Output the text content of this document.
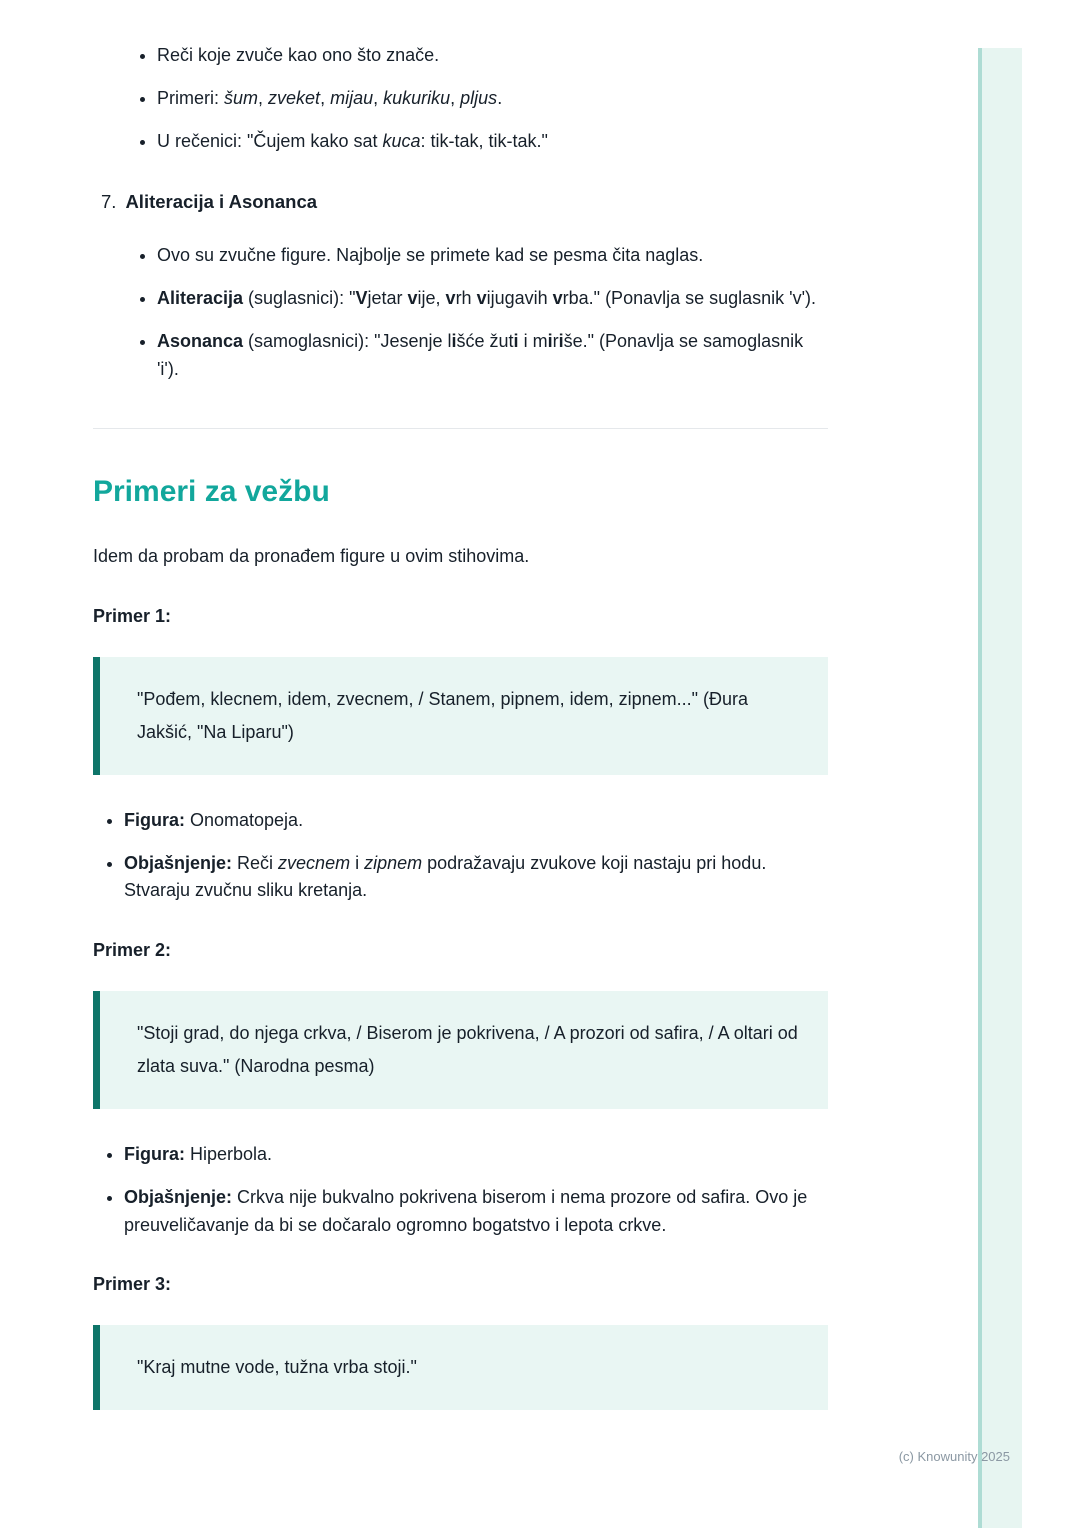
• Reči koje zvuče kao ono što znače.
• Primeri: šum, zveket, mijau, kukuriku, pljus.
• U rečenici: "Čujem kako sat kuca: tik-tak, tik-tak."
7. Aliteracija i Asonanca
• Ovo su zvučne figure. Najbolje se primete kad se pesma čita naglas.
• Aliteracija (suglasnici): "Vjetar vije, vrh vijugavih vrba." (Ponavlja se suglasnik 'v').
• Asonanca (samoglasnici): "Jesenje lišće žuti i miriše." (Ponavlja se samoglasnik 'i').
Primeri za vežbu

Idem da probam da pronađem figure u ovim stihovima.

Primer 1:

"Pođem, klecnem, idem, zvecnem, / Stanem, pipnem, idem, zipnem..." (Đura Jakšić, "Na Liparu")

• Figura: Onomatopeja.
• Objašnjenje: Reči zvecnem i zipnem podražavaju zvukove koji nastaju pri hodu. Stvaraju zvučnu sliku kretanja.

Primer 2:

"Stoji grad, do njega crkva, / Biserom je pokrivena, / A prozori od safira, / A oltari od zlata suva." (Narodna pesma)

• Figura: Hiperbola.
• Objašnjenje: Crkva nije bukvalno pokrivena biserom i nema prozore od safira. Ovo je preuveličavanje da bi se dočaralo ogromno bogatstvo i lepota crkve.

Primer 3:

"Kraj mutne vode, tužna vrba stoji."

(c) Knowunity 2025
